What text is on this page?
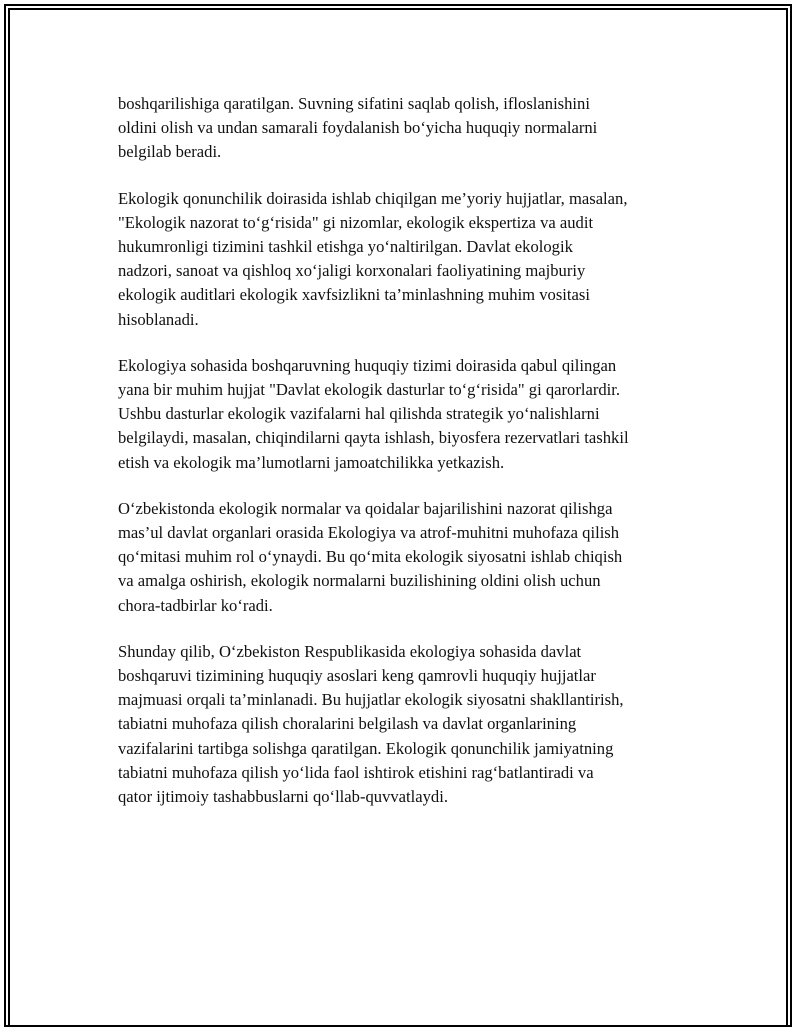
boshqarilishiga qaratilgan. Suvning sifatini saqlab qolish, ifloslanishini
oldini olish va undan samarali foydalanish bo‘yicha huquqiy normalarni
belgilab beradi.

Ekologik qonunchilik doirasida ishlab chiqilgan me’yoriy hujjatlar, masalan,
"Ekologik nazorat to‘g‘risida" gi nizomlar, ekologik ekspertiza va audit
hukumronligi tizimini tashkil etishga yo‘naltirilgan. Davlat ekologik
nadzori, sanoat va qishloq xo‘jaligi korxonalari faoliyatining majburiy
ekologik auditlari ekologik xavfsizlikni ta’minlashning muhim vositasi
hisoblanadi.

Ekologiya sohasida boshqaruvning huquqiy tizimi doirasida qabul qilingan
yana bir muhim hujjat "Davlat ekologik dasturlar to‘g‘risida" gi qarorlardir.
Ushbu dasturlar ekologik vazifalarni hal qilishda strategik yo‘nalishlarni
belgilaydi, masalan, chiqindilarni qayta ishlash, biyosfera rezervatlari tashkil
etish va ekologik ma’lumotlarni jamoatchilikka yetkazish.

O‘zbekistonda ekologik normalar va qoidalar bajarilishini nazorat qilishga
mas’ul davlat organlari orasida Ekologiya va atrof-muhitni muhofaza qilish
qo‘mitasi muhim rol o‘ynaydi. Bu qo‘mita ekologik siyosatni ishlab chiqish
va amalga oshirish, ekologik normalarni buzilishining oldini olish uchun
chora-tadbirlar ko‘radi.

Shunday qilib, O‘zbekiston Respublikasida ekologiya sohasida davlat
boshqaruvi tizimining huquqiy asoslari keng qamrovli huquqiy hujjatlar
majmuasi orqali ta’minlanadi. Bu hujjatlar ekologik siyosatni shakllantirish,
tabiatni muhofaza qilish choralarini belgilash va davlat organlarining
vazifalarini tartibga solishga qaratilgan. Ekologik qonunchilik jamiyatning
tabiatni muhofaza qilish yo‘lida faol ishtirok etishini rag‘batlantiradi va
qator ijtimoiy tashabbuslarni qo‘llab-quvvatlaydi.
